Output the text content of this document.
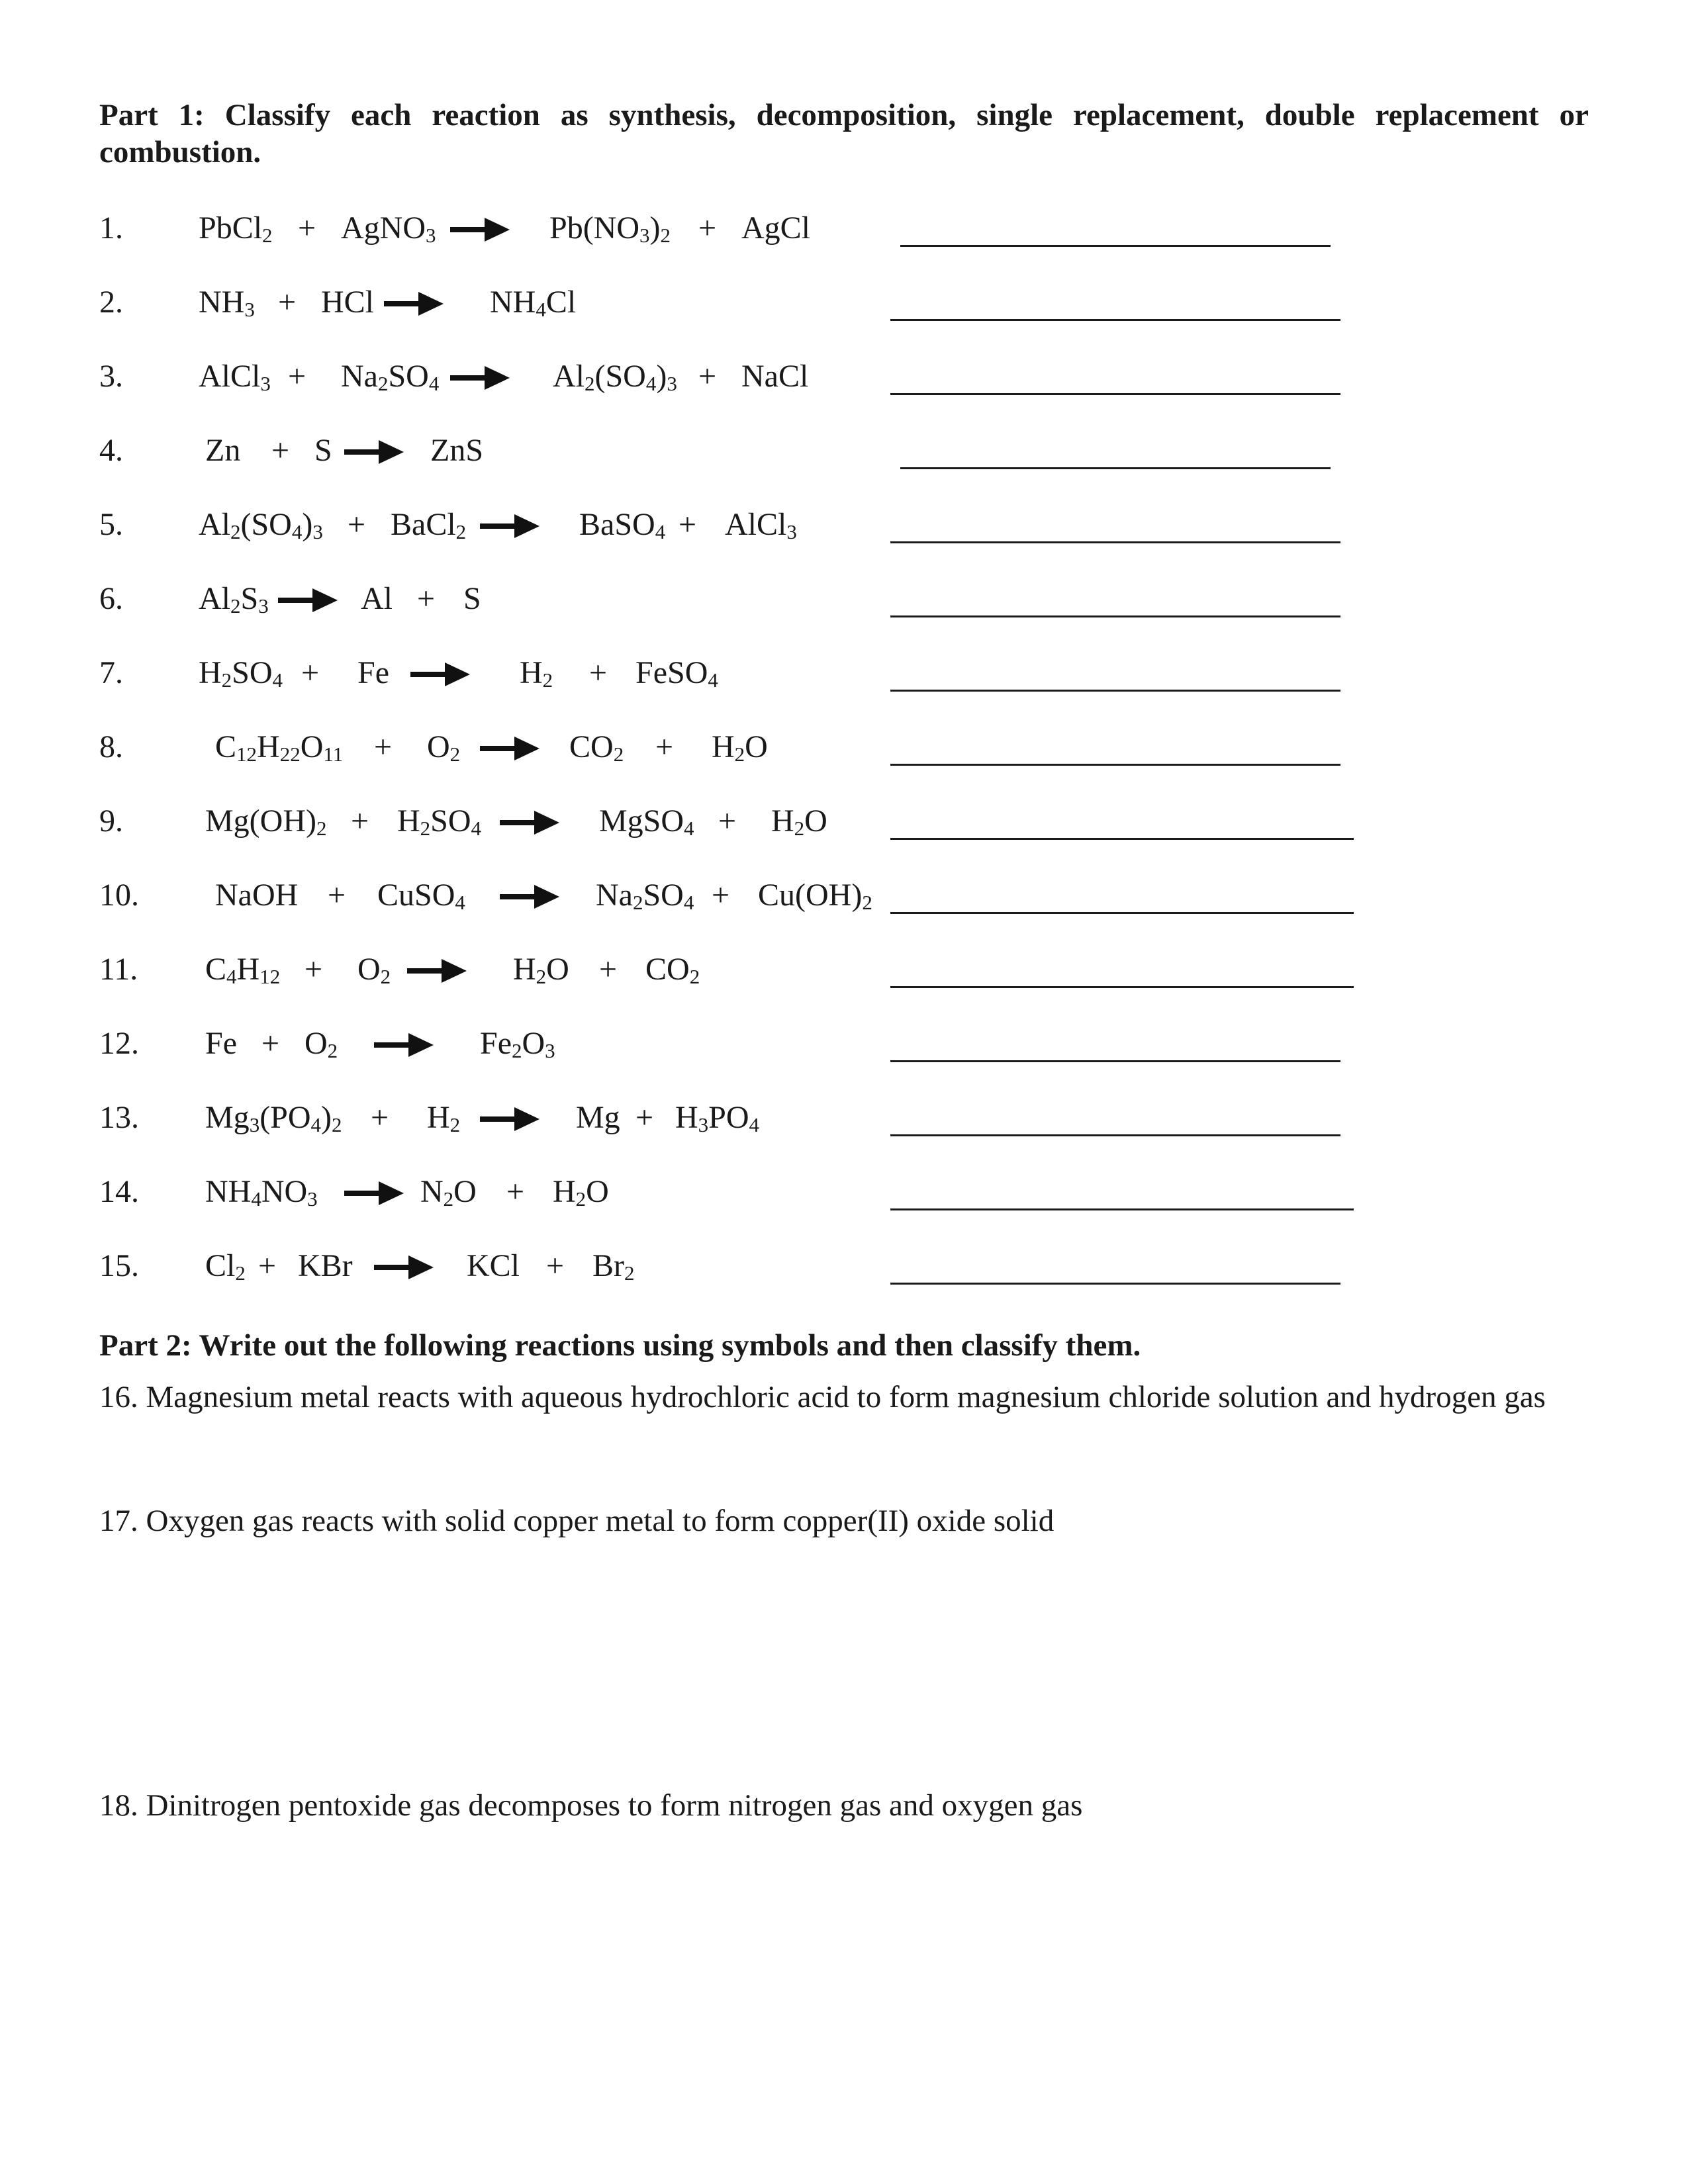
Part 1: Classify each reaction as synthesis, decomposition, single replacement, double replacement or combustion.
1. PbCl$_2$ + AgNO$_3$ → $Pb(NO_3)_2$ + AgCl
2. $NH_3$ + HCl → $NH_4Cl$
3. AlCl$_3$ + $Na_2SO_4 \to Al_2(SO_4)_3$ + NaCl
4.	Zn + S → ZnS
5. $Al_2(SO_4)_3$ + BaCl$_2$ → BaSO$_4$ + AlCl$_3$
6. $Al_2S_3 \to Al + S$
7. $H_2SO_4 + Fe \to H_2$ + FeSO$_4$
8.	$C_{12}H_{22}O_{11} + O_2 \to CO_2 + H_2O$
9.	$Mg(OH)_2 + H_2SO_4$ → MgSO$_4$ + $H_2O$
10. NaOH + CuSO$_4$ → $Na_2SO_4 + Cu(OH)_2$
11. $C_4H_{12} + O_2 \to H_2O + CO_2$
12. $Fe + O_2 \to Fe_2O_3$
13. $Mg_3(PO_4)_2 + H_2 \to Mg + H_3PO_4$
14. $NH_4NO_3 \to N_2O + H_2O$
15. $Cl_2$ + KBr → KCl + $Br_2$
Part 2: Write out the following reactions using symbols and then classify them.
16. Magnesium metal reacts with aqueous hydrochloric acid to form magnesium chloride solution and hydrogen gas
17. Oxygen gas reacts with solid copper metal to form copper(II) oxide solid
18. Dinitrogen pentoxide gas decomposes to form nitrogen gas and oxygen gas
